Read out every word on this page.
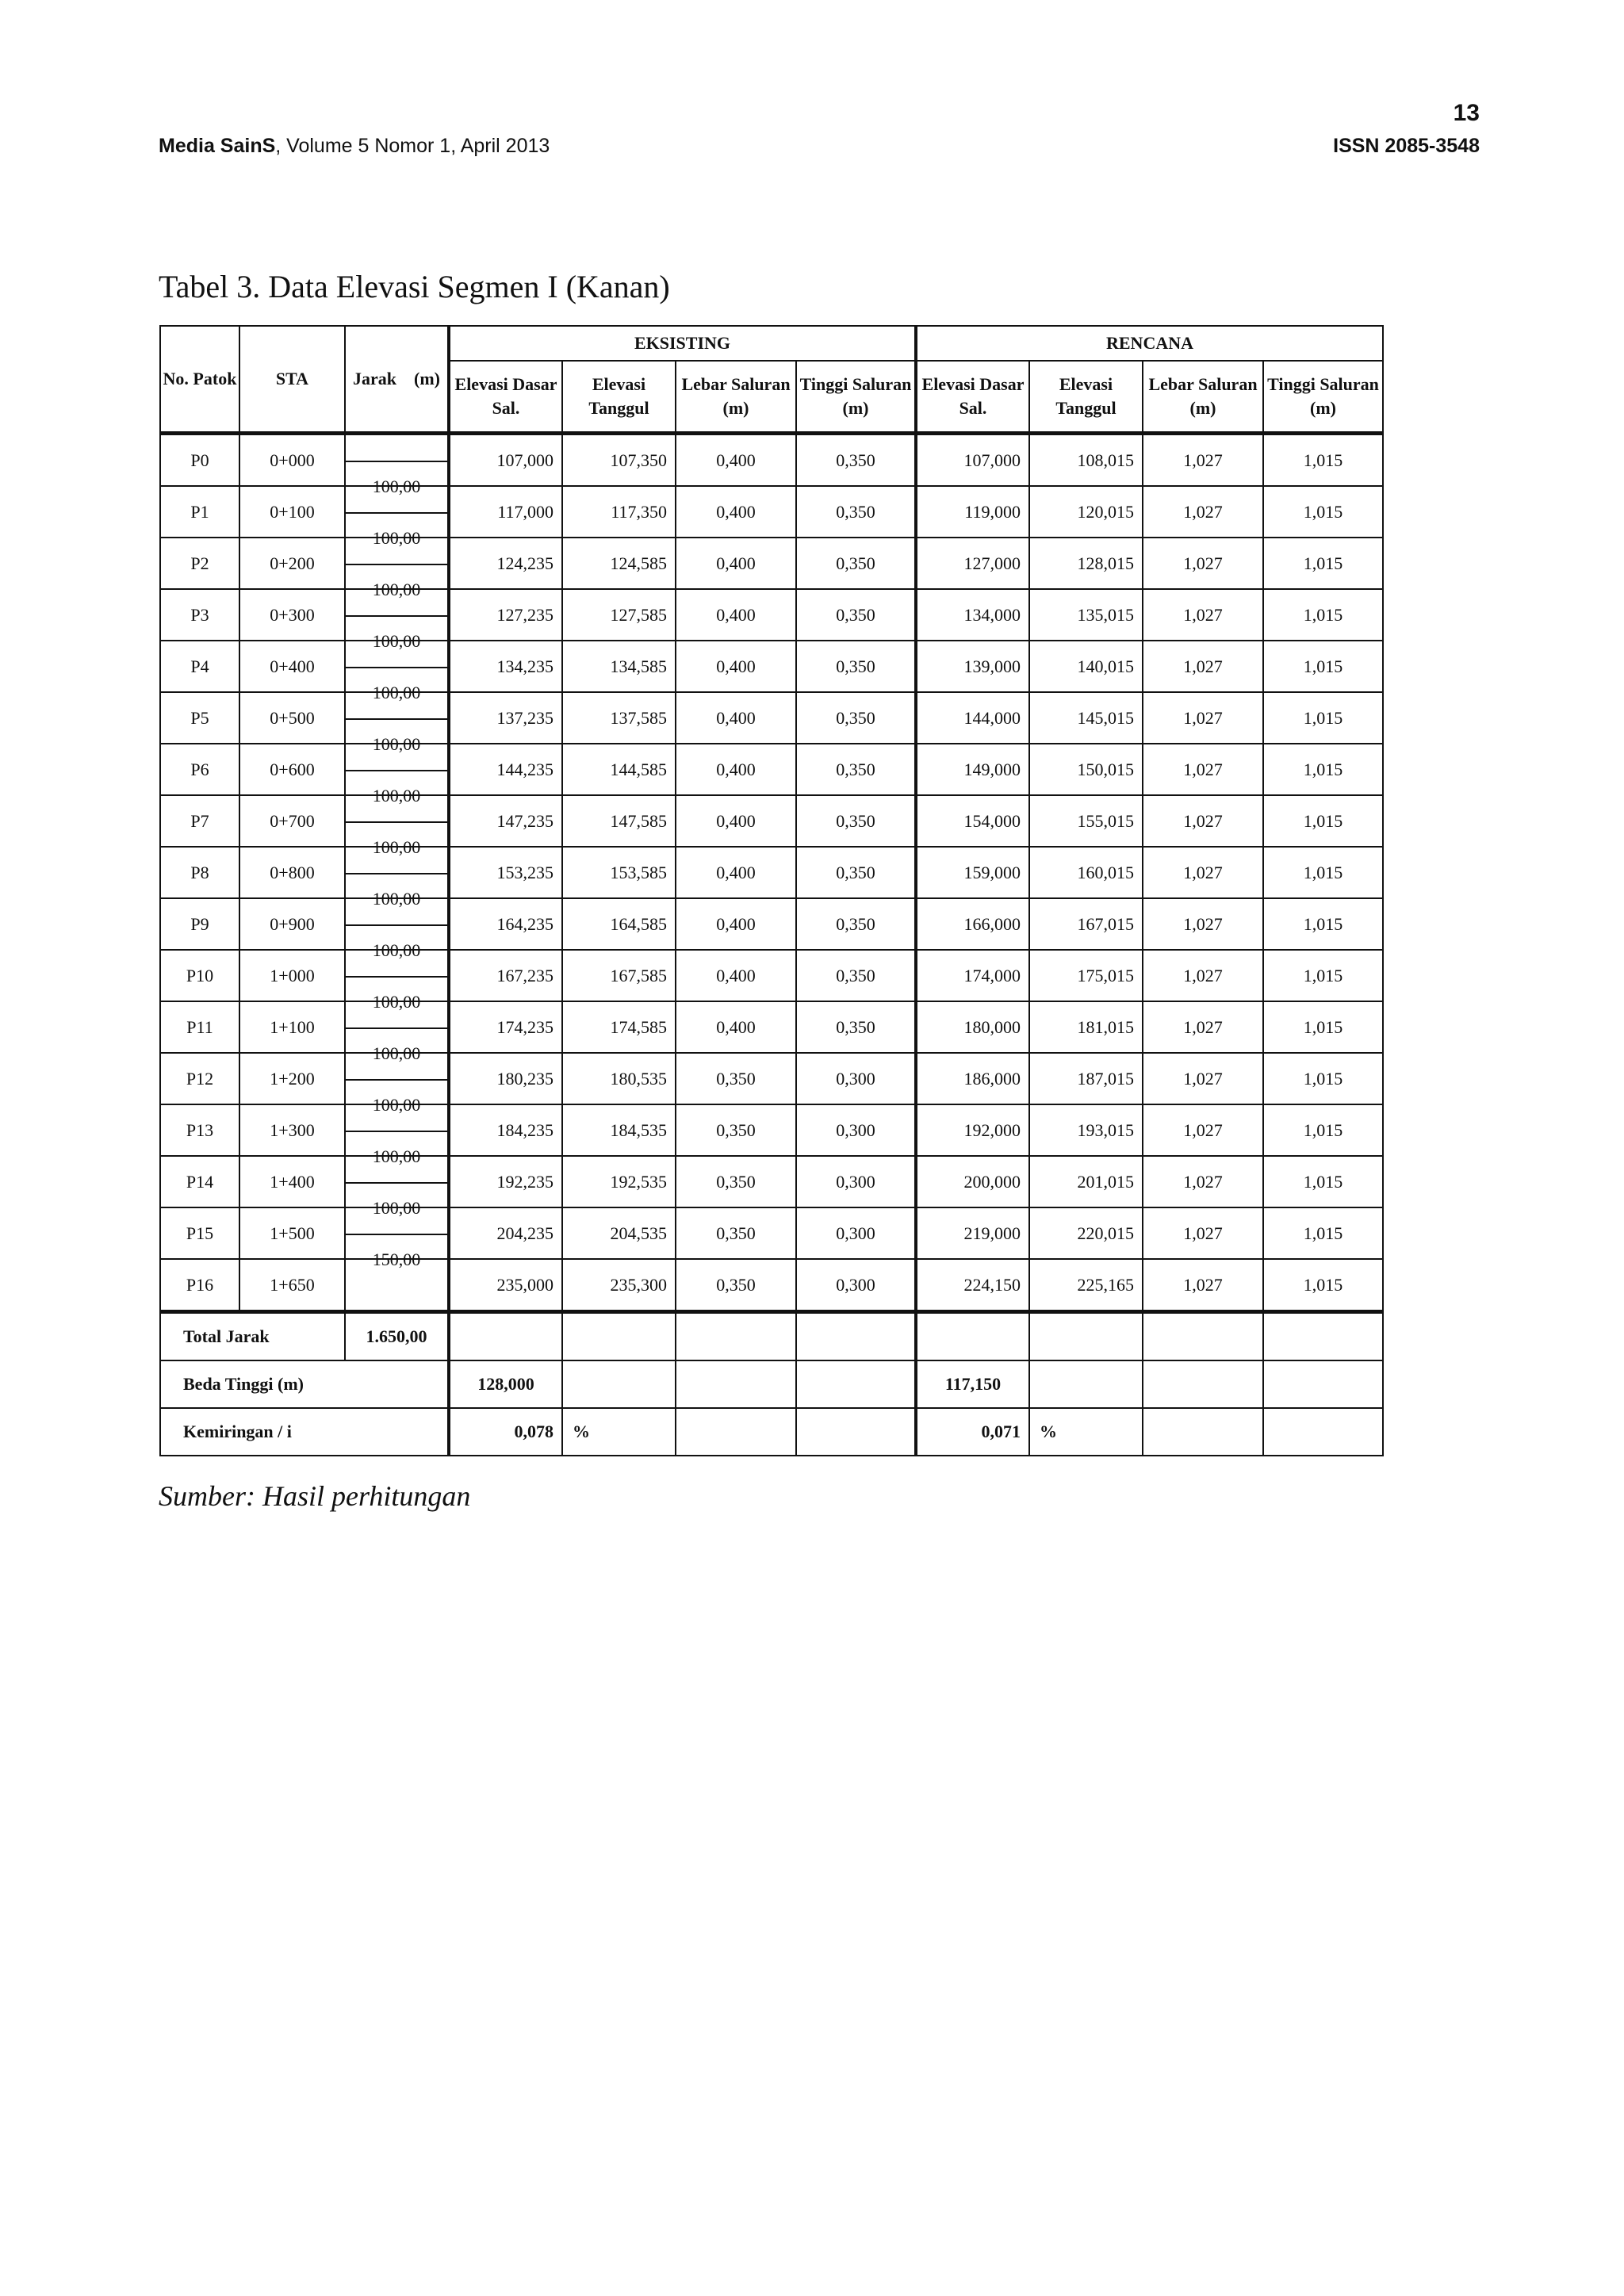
13
Media SainS, Volume 5 Nomor 1, April 2013	ISSN 2085-3548
Tabel 3. Data Elevasi Segmen I (Kanan)
No. Patok	STA	Jarak    (m)	EKSISTING				RENCANA			
			Elevasi Dasar Sal.	Elevasi Tanggul	Lebar Saluran (m)	Tinggi Saluran (m)	Elevasi Dasar Sal.	Elevasi Tanggul	Lebar Saluran (m)	Tinggi Saluran (m)
P0	0+000	100,00	107,000	107,350	0,400	0,350	107,000	108,015	1,027	1,015
P1	0+100	100,00	117,000	117,350	0,400	0,350	119,000	120,015	1,027	1,015
P2	0+200	100,00	124,235	124,585	0,400	0,350	127,000	128,015	1,027	1,015
P3	0+300	100,00	127,235	127,585	0,400	0,350	134,000	135,015	1,027	1,015
P4	0+400	100,00	134,235	134,585	0,400	0,350	139,000	140,015	1,027	1,015
P5	0+500	100,00	137,235	137,585	0,400	0,350	144,000	145,015	1,027	1,015
P6	0+600	100,00	144,235	144,585	0,400	0,350	149,000	150,015	1,027	1,015
P7	0+700	100,00	147,235	147,585	0,400	0,350	154,000	155,015	1,027	1,015
P8	0+800	100,00	153,235	153,585	0,400	0,350	159,000	160,015	1,027	1,015
P9	0+900	100,00	164,235	164,585	0,400	0,350	166,000	167,015	1,027	1,015
P10	1+000	100,00	167,235	167,585	0,400	0,350	174,000	175,015	1,027	1,015
P11	1+100	100,00	174,235	174,585	0,400	0,350	180,000	181,015	1,027	1,015
P12	1+200	100,00	180,235	180,535	0,350	0,300	186,000	187,015	1,027	1,015
P13	1+300	100,00	184,235	184,535	0,350	0,300	192,000	193,015	1,027	1,015
P14	1+400	100,00	192,235	192,535	0,350	0,300	200,000	201,015	1,027	1,015
P15	1+500	150,00	204,235	204,535	0,350	0,300	219,000	220,015	1,027	1,015
P16	1+650		235,000	235,300	0,350	0,300	224,150	225,165	1,027	1,015
Total Jarak		1.650,00								
Beda Tinggi (m)			128,000				117,150			
Kemiringan / i			0,078	%			0,071	%		
Sumber: Hasil perhitungan
